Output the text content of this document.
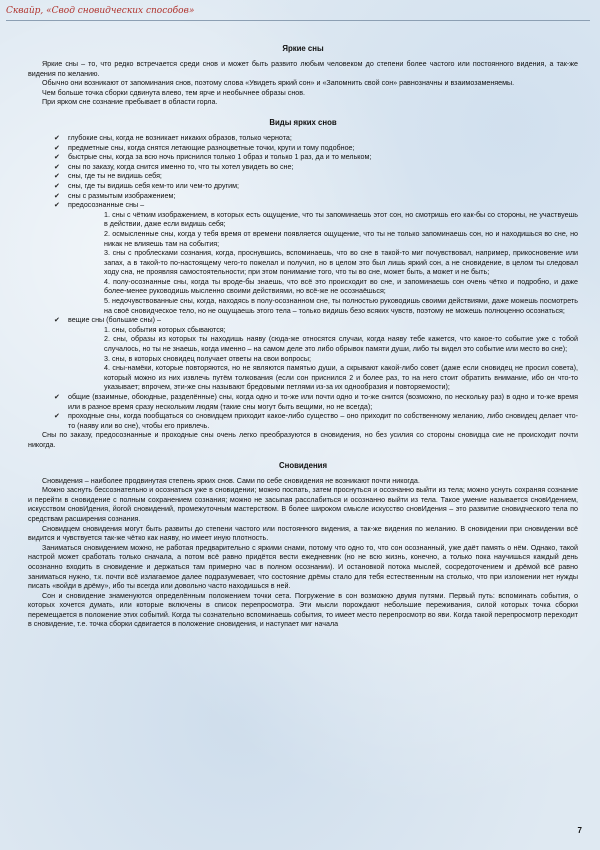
Сквайр, «Свод сновидческих способов»
Яркие сны

Яркие сны – то, что редко встречается среди снов и может быть развито любым человеком до степени более частого или постоянного видения, а так-же видения по желанию.

Обычно они возникают от запоминания снов, поэтому слова «Увидеть яркий сон» и «Запомнить свой сон» равнозначны и взаимозаменяемы.

Чем больше точка сборки сдвинута влево, тем ярче и необычнее образы снов.

При ярком сне сознание пребывает в области горла.

Виды ярких снов
✔ глубокие сны, когда не возникает никаких образов, только чернота;
✔ предметные сны, когда снятся летающие разноцветные точки, круги и тому подобное;
✔ быстрые сны, когда за всю ночь приснился только 1 образ и только 1 раз, да и то мельком;
✔ сны по заказу, когда снится именно то, что ты хотел увидеть во сне;
✔ сны, где ты не видишь себя;
✔ сны, где ты видишь себя кем-то или чем-то другим;
✔ сны с размытым изображением;
✔ предосознанные сны –
1. сны с чётким изображением, в которых есть ощущение, что ты запоминаешь этот сон, но смотришь его как-бы со стороны, не участвуешь в действии, даже если видишь себя;
2. осмысленные сны, когда у тебя время от времени появляется ощущение, что ты не только запоминаешь сон, но и находишься во сне, но никак не влияешь там на события;
3. сны с проблесками сознания, когда, проснувшись, вспоминаешь, что во сне в такой-то миг почувствовал, например, прикосновение или запах, а в такой-то по-настоящему чего-то пожелал и получил, но в целом это был лишь яркий сон, а не сновидение, в целом ты следовал ходу сна, не проявляя самостоятельности; при этом понимание того, что ты во сне, может быть, а может и не быть;
4. полу-осознанные сны, когда ты вроде-бы знаешь, что всё это происходит во сне, и запоминаешь сон очень чётко и подробно, и даже более-менее руководишь мысленно своими действиями, но всё-же не осознаёшься;
5. недочувствованные сны, когда, находясь в полу-осознанном сне, ты полностью руководишь своими действиями, даже можешь посмотреть на своё сновидческое тело, но не ощущаешь этого тела – только видишь безо всяких чувств, поэтому не можешь полноценно осознаться;
✔ вещие сны (большие сны) –
1. сны, события которых сбываются;
2. сны, образы из которых ты находишь наяву (сюда-же относятся случаи, когда наяву тебе кажется, что какое-то событие уже с тобой случалось, но ты не знаешь, когда именно – на самом деле это либо обрывок памяти души, либо ты видел это событие или место во сне);
3. сны, в которых сновидец получает ответы на свои вопросы;
4. сны-намёки, которые повторяются, но не являются памятью души, а скрывают какой-либо совет (даже если сновидец не просил совета), который можно из них извлечь путём толкования (если сон приснился 2 и более раз, то на него стоит обратить внимание, ибо он что-то указывает; впрочем, эти-же сны называют бредовыми петлями из-за их однообразия и повторяемости);
✔ общие (взаимные, обоюдные, разделённые) сны, когда одно и то-же или почти одно и то-же снится (возможно, по нескольку раз) в одно и то-же время или в разное время сразу нескольким людям (такие сны могут быть вещими, но не всегда);
✔ проходные сны, когда пообщаться со сновидцем приходит какое-либо существо – оно приходит по собственному желанию, либо сновидец делает что-то (наяву или во сне), чтобы его привлечь.

Сны по заказу, предосознанные и проходные сны очень легко преобразуются в сновидения, но без усилия со стороны сновидца сие не происходит почти никогда.

Сновидения

Сновидения – наиболее продвинутая степень ярких снов. Сами по себе сновидения не возникают почти никогда.

Можно заснуть бессознательно и осознаться уже в сновидении; можно поспать, затем проснуться и осознанно выйти из тела; можно уснуть сохраняя сознание и перейти в сновидение с полным сохранением сознания; можно не засыпая расслабиться и осознанно выйти из тела. Такое умение называется сновИдением, искусством сновИдения, йогой сновидений, промежуточным мастерством. В более широком смысле искусство сновИдения – это развитие сновидческого тела по средствам расширения сознания.

Сновидцем сновидения могут быть развиты до степени частого или постоянного видения, а так-же видения по желанию. В сновидении при сновидении всё видится и чувствуется так-же чётко как наяву, но имеет иную плотность.

Заниматься сновидением можно, не работая предварительно с яркими снами, потому что одно то, что сон осознанный, уже даёт память о нём. Однако, такой настрой может сработать только сначала, а потом всё равно придётся вести ежедневник (но не всю жизнь, конечно, а только пока научишься каждый день осознанно входить в сновидение и держаться там примерно час в полном осознании). И остановкой потока мыслей, сосредоточением и дрёмой всё равно заниматься нужно, т.к. почти всё излагаемое далее подразумевает, что состояние дрёмы стало для тебя естественным на столько, что при изложении нет нужды писать «войди в дрёму», ибо ты всегда или довольно часто находишься в ней.

Сон и сновидение знаменуются определённым положением точки сета. Погружение в сон возможно двумя путями. Первый путь: вспоминать события, о которых хочется думать, или которые включены в список перепросмотра. Эти мысли порождают небольшие переживания, силой которых точка сборки перемещается в положение этих событий. Когда ты сознательно вспоминаешь события, то имеет место перепросмотр во яви. Когда такой перепросмотр переходит в сновидение, т.е. точка сборки сдвигается в положение сновидения, и наступает миг начала

7
